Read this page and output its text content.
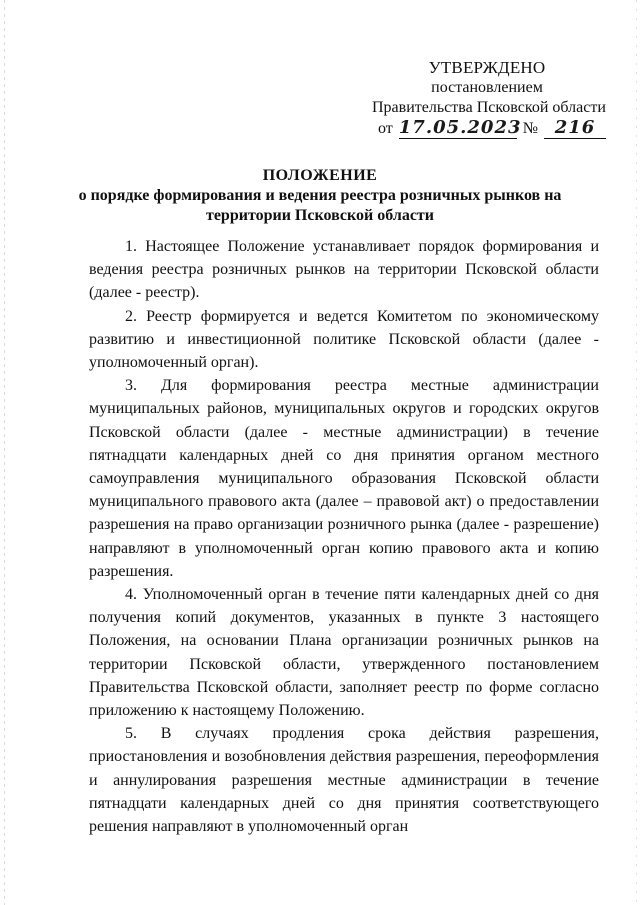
УТВЕРЖДЕНО
постановлением
Правительства Псковской области
от 17.05.2023 № 216
ПОЛОЖЕНИЕ
о порядке формирования и ведения реестра розничных рынков на
территории Псковской области

1. Настоящее Положение устанавливает порядок формирования и ведения реестра розничных рынков на территории Псковской области (далее - реестр).

2. Реестр формируется и ведется Комитетом по экономическому развитию и инвестиционной политике Псковской области (далее - уполномоченный орган).

3. Для формирования реестра местные администрации муниципальных районов, муниципальных округов и городских округов Псковской области (далее - местные администрации) в течение пятнадцати календарных дней со дня принятия органом местного самоуправления муниципального образования Псковской области муниципального правового акта (далее – правовой акт) о предоставлении разрешения на право организации розничного рынка (далее - разрешение) направляют в уполномоченный орган копию правового акта и копию разрешения.

4. Уполномоченный орган в течение пяти календарных дней со дня получения копий документов, указанных в пункте 3 настоящего Положения, на основании Плана организации розничных рынков на территории Псковской области, утвержденного постановлением Правительства Псковской области, заполняет реестр по форме согласно приложению к настоящему Положению.

5. В случаях продления срока действия разрешения, приостановления и возобновления действия разрешения, переоформления и аннулирования разрешения местные администрации в течение пятнадцати календарных дней со дня принятия соответствующего решения направляют в уполномоченный орган
